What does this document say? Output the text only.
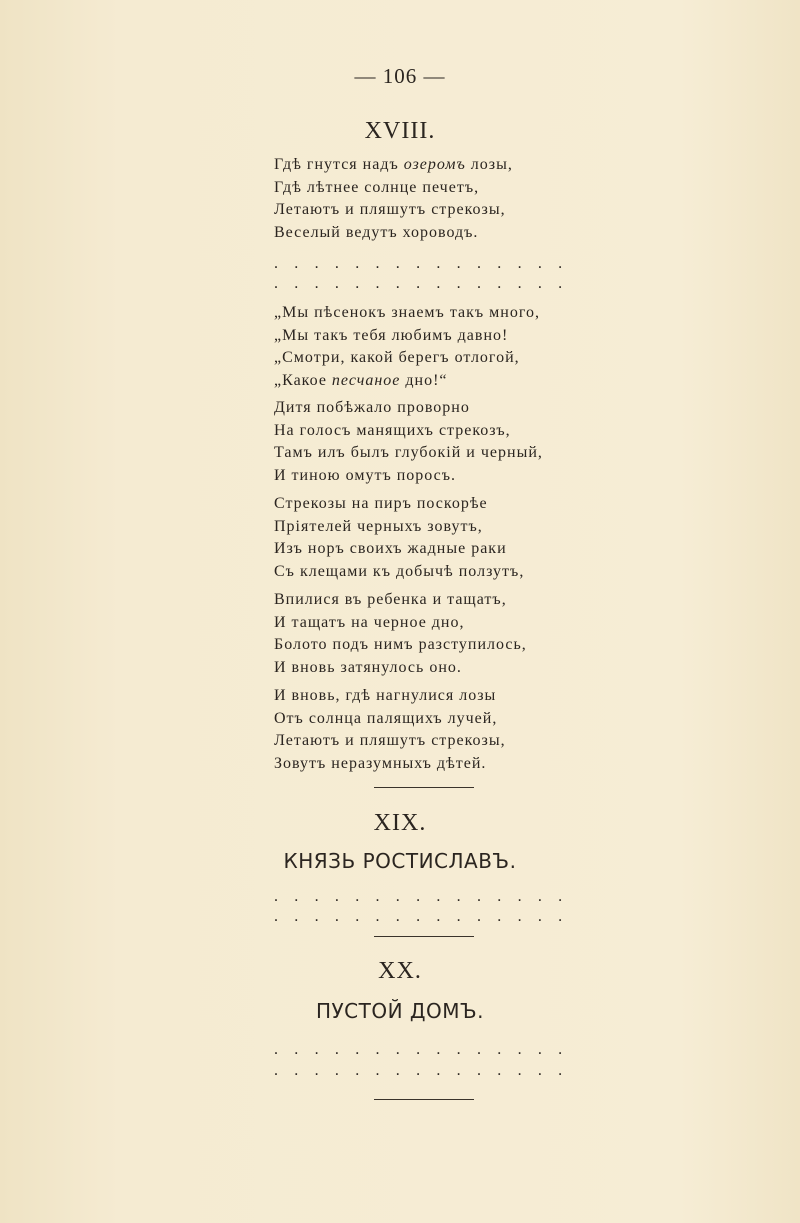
— 106 —
XVIII.
Гдѣ гнутся надъ озеромъ лозы,
Гдѣ лѣтнее солнце печетъ,
Летаютъ и пляшутъ стрекозы,
Веселый ведутъ хороводъ.
. . . . . . . . . . . . . . .
. . . . . . . . . . . . . . .
„Мы пѣсенокъ знаемъ такъ много,
„Мы такъ тебя любимъ давно!
„Смотри, какой берегъ отлогой,
„Какое песчаное дно!“
Дитя побѣжало проворно
На голосъ манящихъ стрекозъ,
Тамъ илъ былъ глубокій и черный,
И тиною омутъ поросъ.
Стрекозы на пиръ поскорѣе
Пріятелей черныхъ зовутъ,
Изъ норъ своихъ жадные раки
Съ клещами къ добычѣ ползутъ,
Впилися въ ребенка и тащатъ,
И тащатъ на черное дно,
Болото подъ нимъ разступилось,
И вновь затянулось оно.
И вновь, гдѣ нагнулися лозы
Отъ солнца палящихъ лучей,
Летаютъ и пляшутъ стрекозы,
Зовутъ неразумныхъ дѣтей.
XIX.
КНЯЗЬ РОСТИСЛАВЪ.
. . . . . . . . . . . . . . .
. . . . . . . . . . . . . . .
XX.
ПУСТОЙ ДОМЪ.
. . . . . . . . . . . . . . .
. . . . . . . . . . . . . . .
